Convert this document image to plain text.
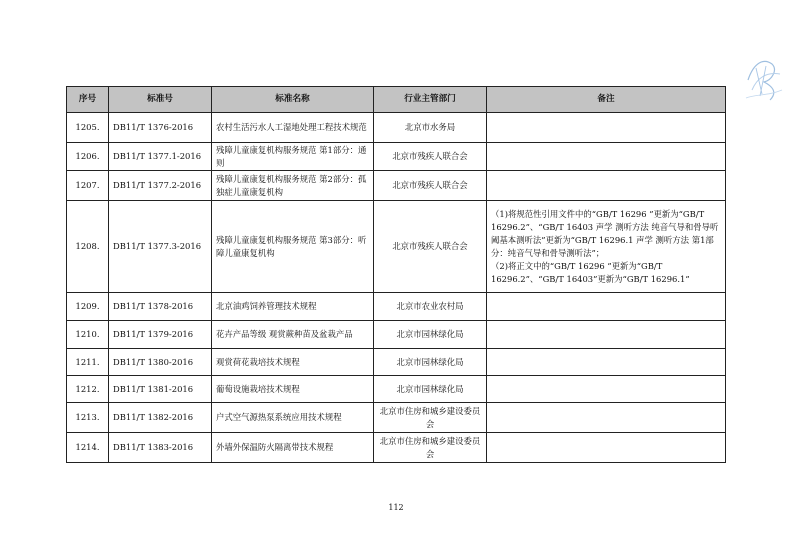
序号	标准号	标准名称	行业主管部门	备注
1205.	DB11/T 1376-2016	农村生活污水人工湿地处理工程技术规范	北京市水务局	
1206.	DB11/T 1377.1-2016	残障儿童康复机构服务规范 第1部分：通则	北京市残疾人联合会	
1207.	DB11/T 1377.2-2016	残障儿童康复机构服务规范 第2部分：孤独症儿童康复机构	北京市残疾人联合会	
1208.	DB11/T 1377.3-2016	残障儿童康复机构服务规范 第3部分：听障儿童康复机构	北京市残疾人联合会	（1)将规范性引用文件中的“GB/T 16296 ”更新为“GB/T 16296.2”、“GB/T 16403 声学 测听方法 纯音气导和骨导听阈基本测听法”更新为“GB/T 16296.1 声学 测听方法 第1部分：纯音气导和骨导测听法”；
（2)将正文中的“GB/T 16296 ”更新为“GB/T 16296.2”、“GB/T 16403”更新为“GB/T 16296.1”

1209.	DB11/T 1378-2016	北京油鸡饲养管理技术规程	北京市农业农村局	
1210.	DB11/T 1379-2016	花卉产品等级 观赏蕨种苗及盆栽产品	北京市园林绿化局	
1211.	DB11/T 1380-2016	观赏荷花栽培技术规程	北京市园林绿化局	
1212.	DB11/T 1381-2016	葡萄设施栽培技术规程	北京市园林绿化局	
1213.	DB11/T 1382-2016	户式空气源热泵系统应用技术规程	北京市住房和城乡建设委员会	
1214.	DB11/T 1383-2016	外墙外保温防火隔离带技术规程	北京市住房和城乡建设委员会	
112
